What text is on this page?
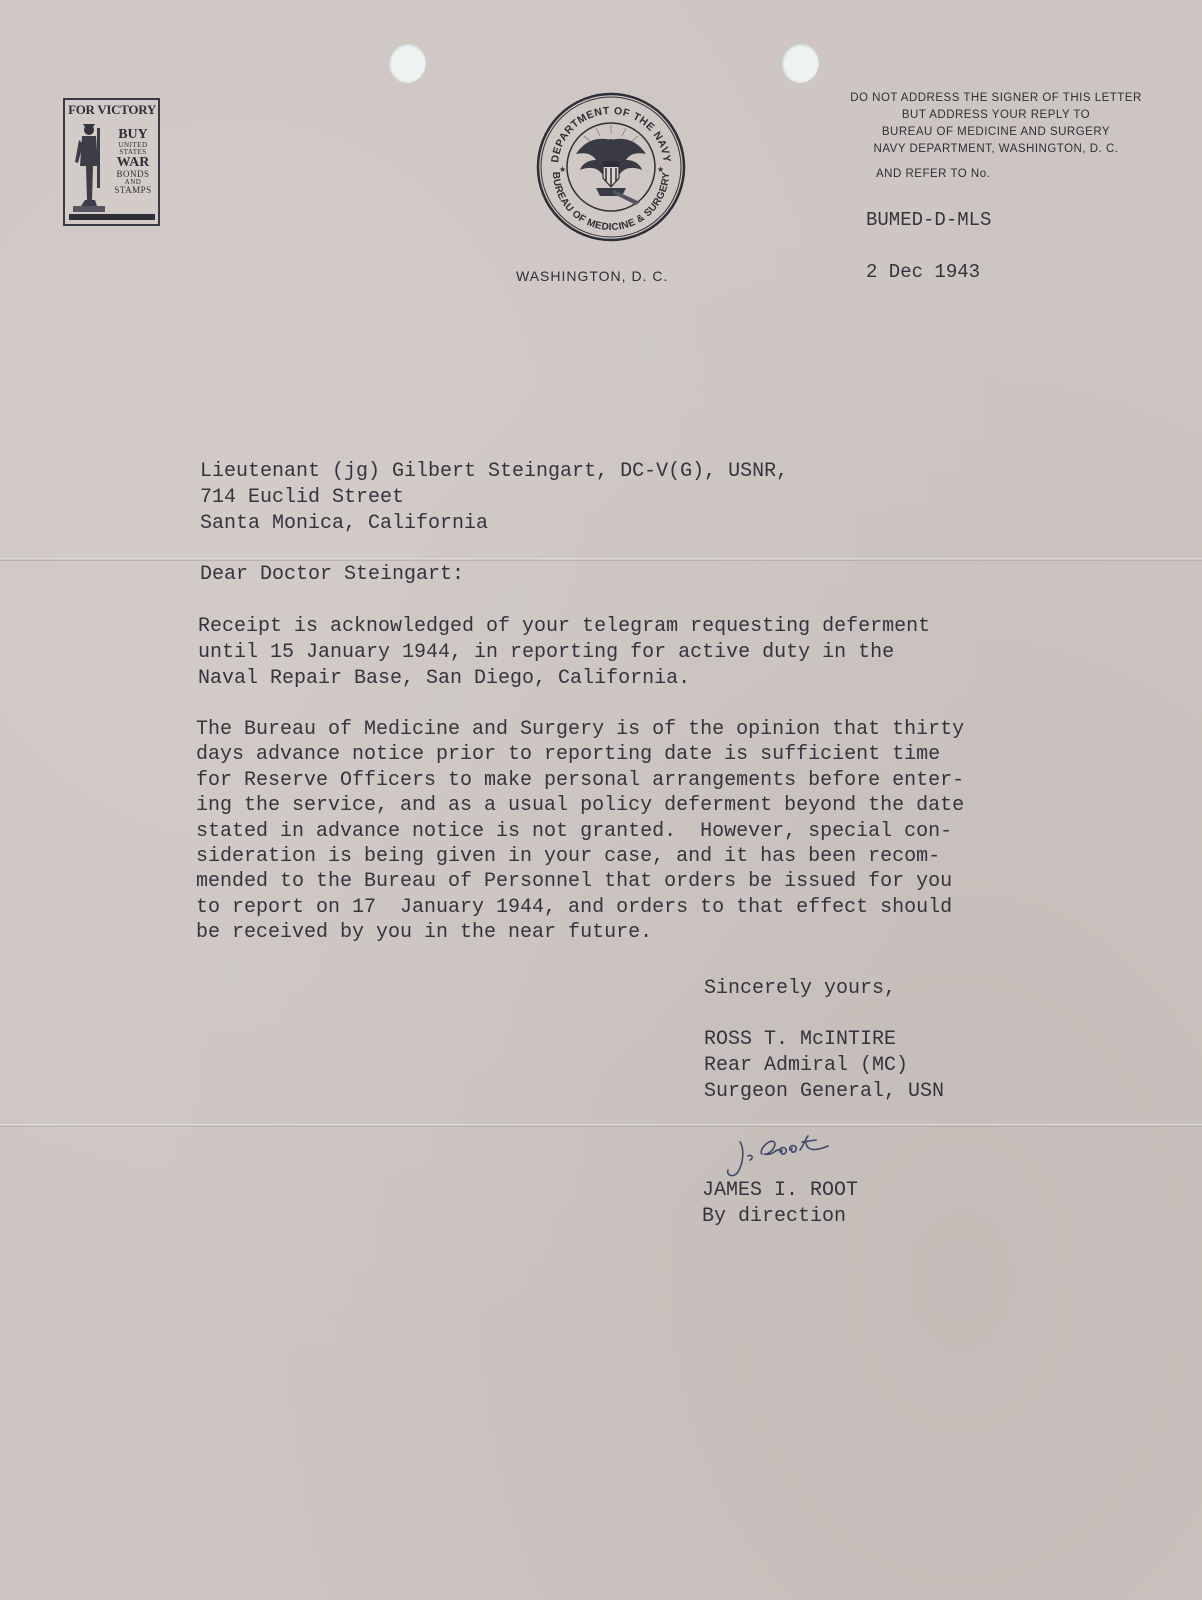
FOR VICTORY
BUY
UNITED
STATES
WAR
BONDS
AND
STAMPS
DEPARTMENT OF THE NAVY
BUREAU OF MEDICINE & SURGERY
★	★
WASHINGTON, D. C.
DO NOT ADDRESS THE SIGNER OF THIS LETTER
BUT ADDRESS YOUR REPLY TO
BUREAU OF MEDICINE AND SURGERY
NAVY DEPARTMENT, WASHINGTON, D. C.
AND REFER TO No.
BUMED-D-MLS
2 Dec 1943
Lieutenant (jg) Gilbert Steingart, DC-V(G), USNR,
714 Euclid Street
Santa Monica, California
Dear Doctor Steingart:
Receipt is acknowledged of your telegram requesting deferment
until 15 January 1944, in reporting for active duty in the
Naval Repair Base, San Diego, California.
The Bureau of Medicine and Surgery is of the opinion that thirty
days advance notice prior to reporting date is sufficient time
for Reserve Officers to make personal arrangements before enter-
ing the service, and as a usual policy deferment beyond the date
stated in advance notice is not granted.  However, special con-
sideration is being given in your case, and it has been recom-
mended to the Bureau of Personnel that orders be issued for you
to report on 17  January 1944, and orders to that effect should
be received by you in the near future.
Sincerely yours,
ROSS T. McINTIRE
Rear Admiral (MC)
Surgeon General, USN
JAMES I. ROOT
By direction
